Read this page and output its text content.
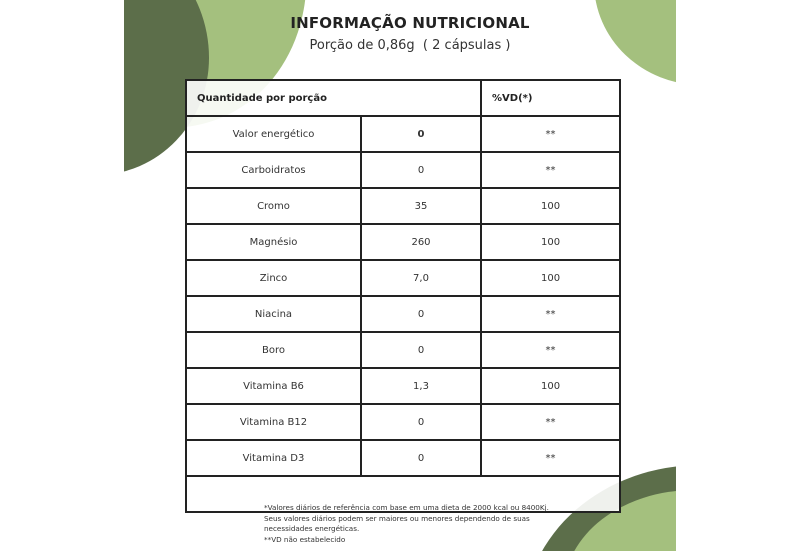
INFORMAÇÃO NUTRICIONAL
Porção de 0,86g  ( 2 cápsulas )
Quantidade por porção		%VD(*)
Valor energético	0	**
Carboidratos	0	**
Cromo	35	100
Magnésio	260	100
Zinco	7,0	100
Niacina	0	**
Boro	0	**
Vitamina B6	1,3	100
Vitamina B12	0	**
Vitamina D3	0	**

*Valores diários de referência com base em uma dieta de 2000 kcal ou 8400Kj.
Seus valores diários podem ser maiores ou menores dependendo de suas necessidades energéticas.
**VD não estabelecido
